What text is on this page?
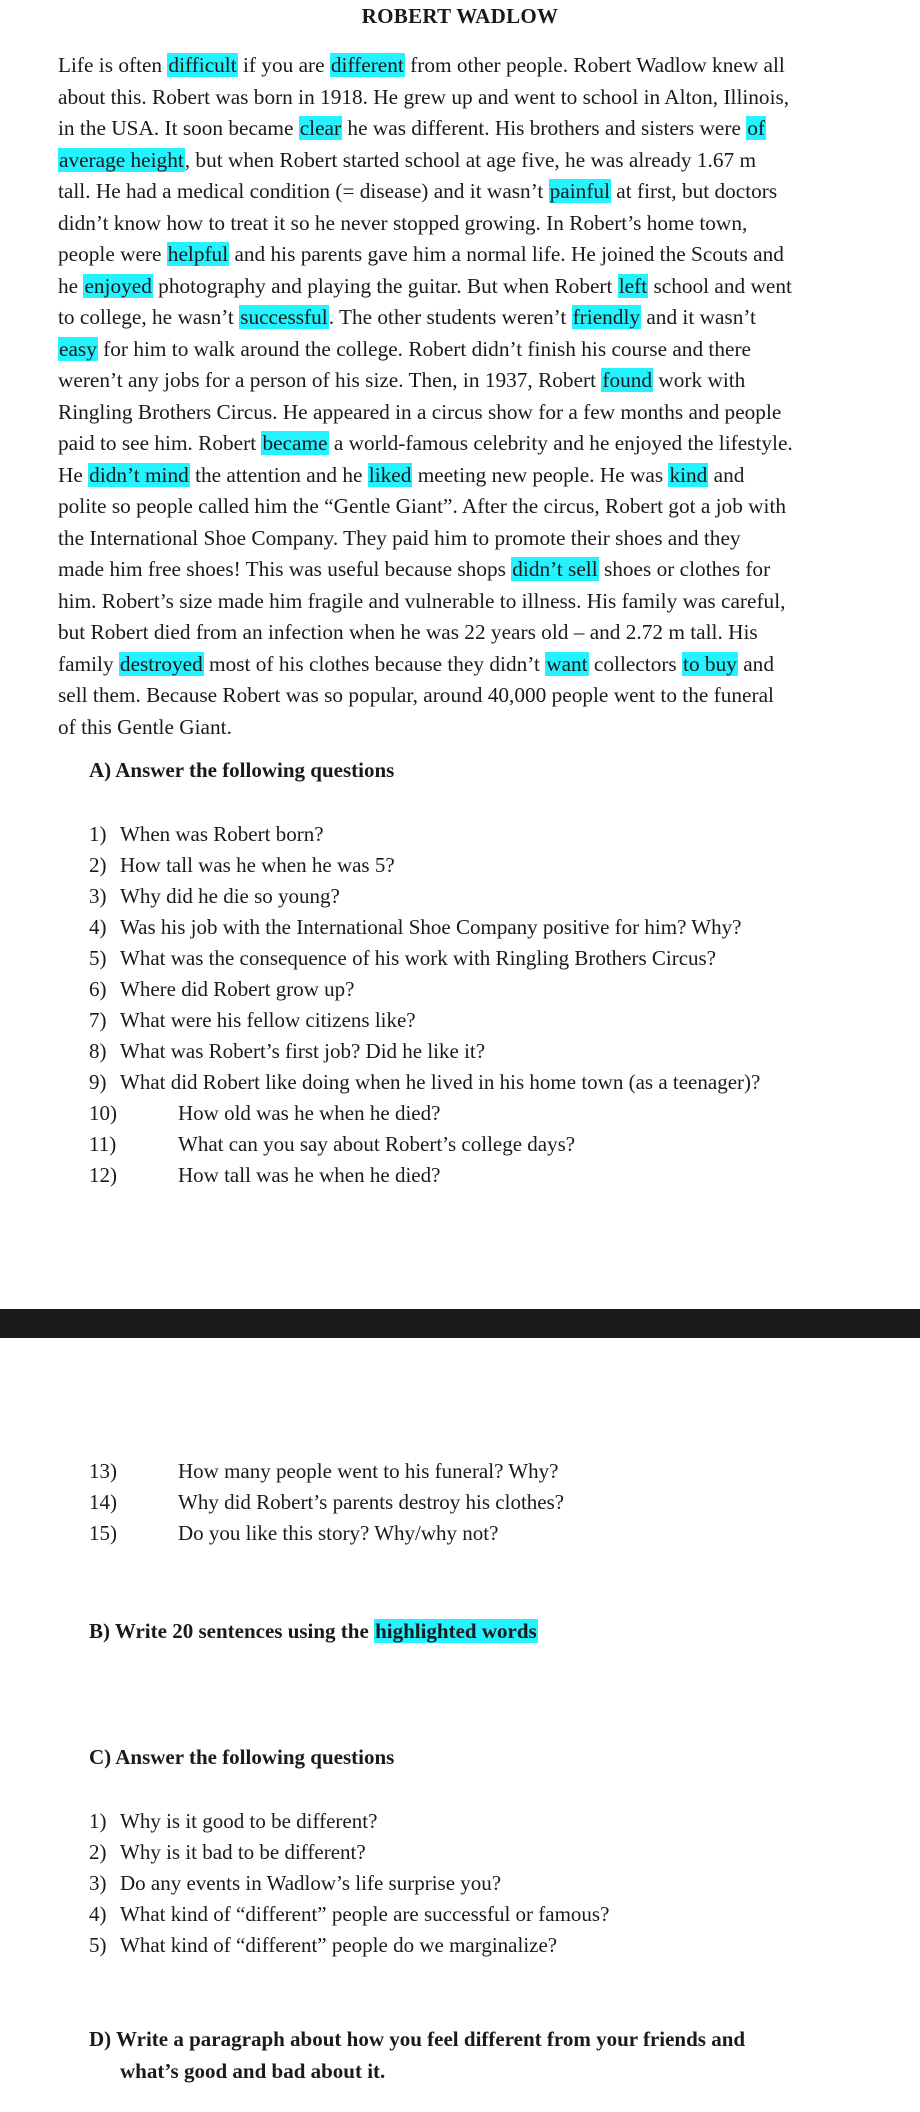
ROBERT WADLOW
Life is often difficult if you are different from other people. Robert Wadlow knew all
about this. Robert was born in 1918. He grew up and went to school in Alton, Illinois,
in the USA. It soon became clear he was different. His brothers and sisters were of
average height, but when Robert started school at age five, he was already 1.67 m
tall. He had a medical condition (= disease) and it wasn’t painful at first, but doctors
didn’t know how to treat it so he never stopped growing. In Robert’s home town,
people were helpful and his parents gave him a normal life. He joined the Scouts and
he enjoyed photography and playing the guitar. But when Robert left school and went
to college, he wasn’t successful. The other students weren’t friendly and it wasn’t
easy for him to walk around the college. Robert didn’t finish his course and there
weren’t any jobs for a person of his size. Then, in 1937, Robert found work with
Ringling Brothers Circus. He appeared in a circus show for a few months and people
paid to see him. Robert became a world-famous celebrity and he enjoyed the lifestyle.
He didn’t mind the attention and he liked meeting new people. He was kind and
polite so people called him the “Gentle Giant”. After the circus, Robert got a job with
the International Shoe Company. They paid him to promote their shoes and they
made him free shoes! This was useful because shops didn’t sell shoes or clothes for
him. Robert’s size made him fragile and vulnerable to illness. His family was careful,
but Robert died from an infection when he was 22 years old – and 2.72 m tall. His
family destroyed most of his clothes because they didn’t want collectors to buy and
sell them. Because Robert was so popular, around 40,000 people went to the funeral
of this Gentle Giant.
A) Answer the following questions
1) When was Robert born?
2) How tall was he when he was 5?
3) Why did he die so young?
4) Was his job with the International Shoe Company positive for him? Why?
5) What was the consequence of his work with Ringling Brothers Circus?
6) Where did Robert grow up?
7) What were his fellow citizens like?
8) What was Robert’s first job? Did he like it?
9) What did Robert like doing when he lived in his home town (as a teenager)?
10)	How old was he when he died?
11)	What can you say about Robert’s college days?
12)	How tall was he when he died?
13)	How many people went to his funeral? Why?
14)	Why did Robert’s parents destroy his clothes?
15)	Do you like this story? Why/why not?
B) Write 20 sentences using the highlighted words
C) Answer the following questions
1) Why is it good to be different?
2) Why is it bad to be different?
3) Do any events in Wadlow’s life surprise you?
4) What kind of “different” people are successful or famous?
5) What kind of “different” people do we marginalize?
D) Write a paragraph about how you feel different from your friends and
what’s good and bad about it.
